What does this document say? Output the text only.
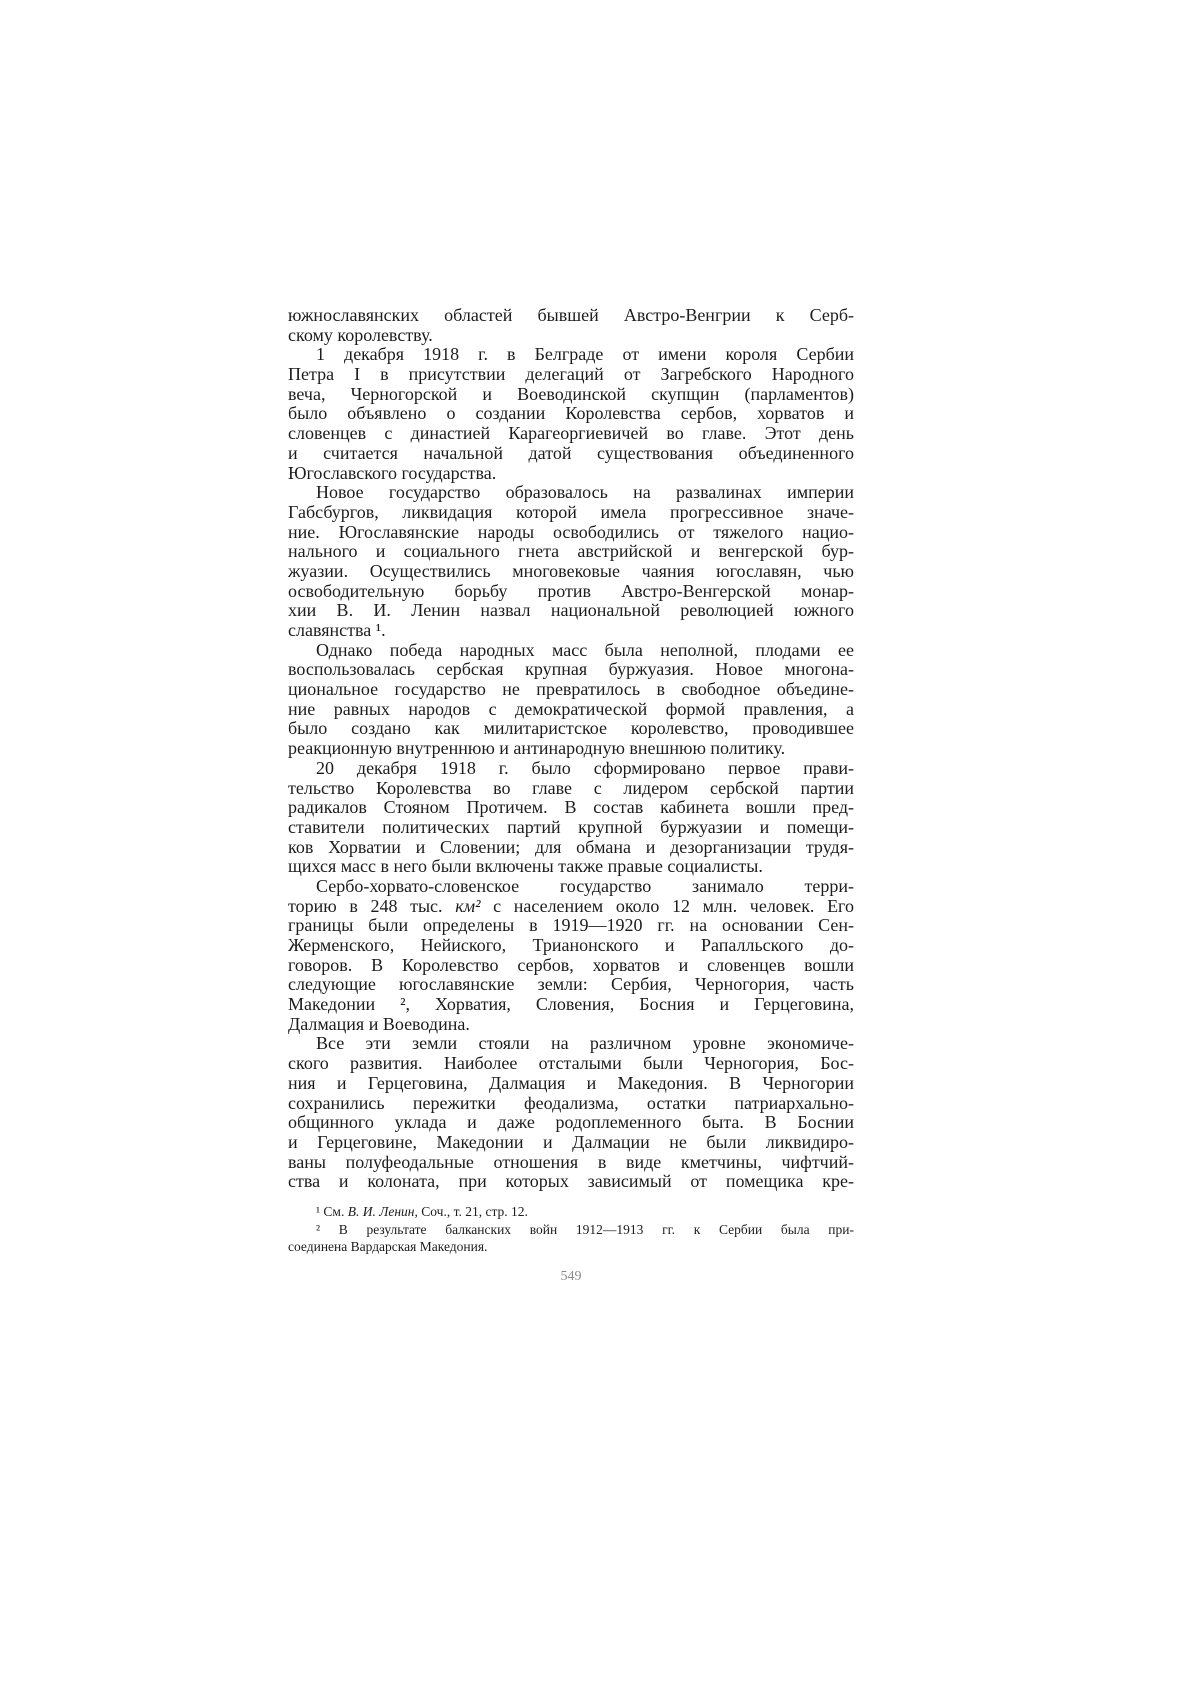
южнославянских областей бывшей Австро-Венгрии к Серб-
скому королевству.
1 декабря 1918 г. в Белграде от имени короля Сербии
Петра I в присутствии делегаций от Загребского Народного
веча, Черногорской и Воеводинской скупщин (парламентов)
было объявлено о создании Королевства сербов, хорватов и
словенцев с династией Карагеоргиевичей во главе. Этот день
и считается начальной датой существования объединенного
Югославского государства.
Новое государство образовалось на развалинах империи
Габсбургов, ликвидация которой имела прогрессивное значе-
ние. Югославянские народы освободились от тяжелого нацио-
нального и социального гнета австрийской и венгерской бур-
жуазии. Осуществились многовековые чаяния югославян, чью
освободительную борьбу против Австро-Венгерской монар-
хии В. И. Ленин назвал национальной революцией южного
славянства ¹.
Однако победа народных масс была неполной, плодами ее
воспользовалась сербская крупная буржуазия. Новое многона-
циональное государство не превратилось в свободное объедине-
ние равных народов с демократической формой правления, а
было создано как милитаристское королевство, проводившее
реакционную внутреннюю и антинародную внешнюю политику.
20 декабря 1918 г. было сформировано первое прави-
тельство Королевства во главе с лидером сербской партии
радикалов Стояном Протичем. В состав кабинета вошли пред-
ставители политических партий крупной буржуазии и помещи-
ков Хорватии и Словении; для обмана и дезорганизации трудя-
щихся масс в него были включены также правые социалисты.
Сербо-хорвато-словенское государство занимало терри-
торию в 248 тыс. км² с населением около 12 млн. человек. Его
границы были определены в 1919—1920 гг. на основании Сен-
Жерменского, Нейиского, Трианонского и Рапалльского до-
говоров. В Королевство сербов, хорватов и словенцев вошли
следующие югославянские земли: Сербия, Черногория, часть
Македонии ², Хорватия, Словения, Босния и Герцеговина,
Далмация и Воеводина.
Все эти земли стояли на различном уровне экономиче-
ского развития. Наиболее отсталыми были Черногория, Бос-
ния и Герцеговина, Далмация и Македония. В Черногории
сохранились пережитки феодализма, остатки патриархально-
общинного уклада и даже родоплеменного быта. В Боснии
и Герцеговине, Македонии и Далмации не были ликвидиро-
ваны полуфеодальные отношения в виде кметчины, чифтчий-
ства и колоната, при которых зависимый от помещика кре-
¹ См. В. И. Ленин, Соч., т. 21, стр. 12.
² В результате балканских войн 1912—1913 гг. к Сербии была при-
соединена Вардарская Македония.
549
